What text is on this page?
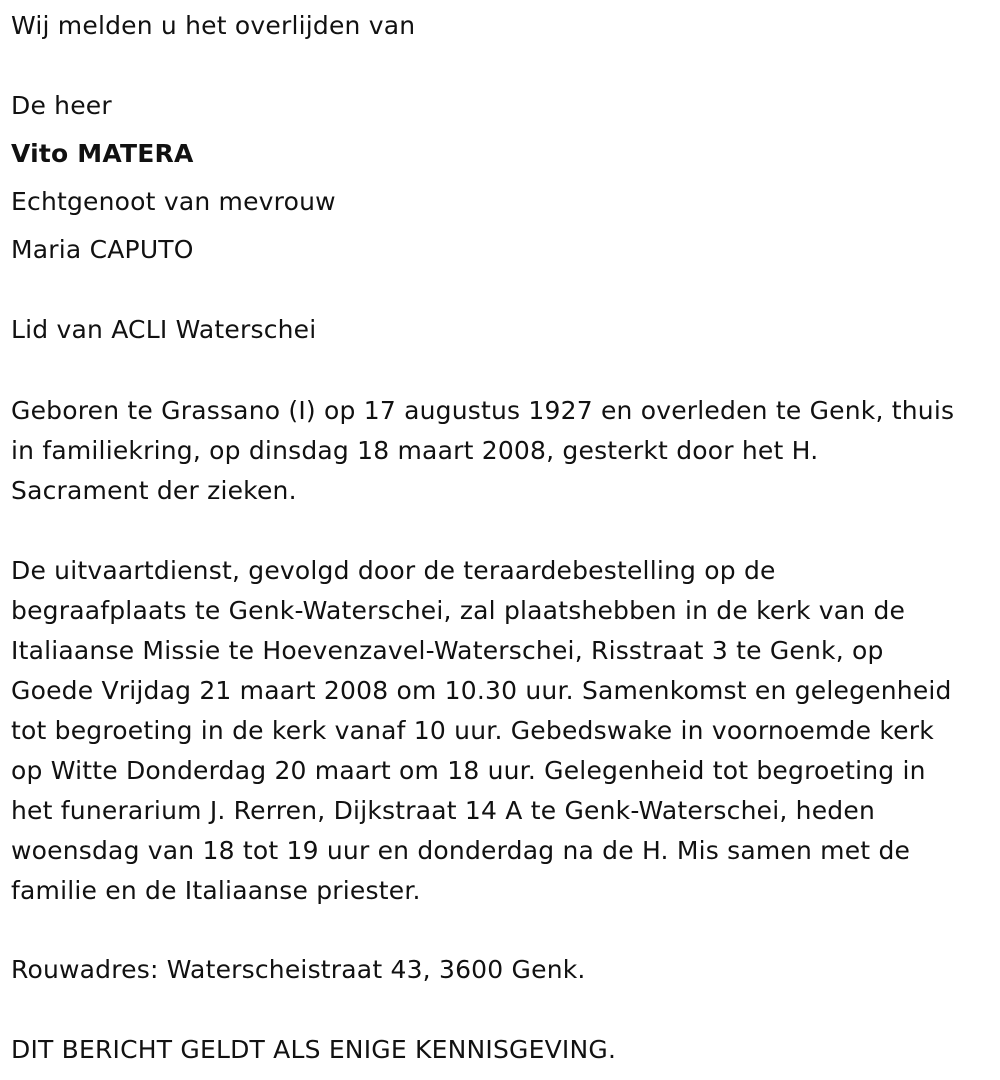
Wij melden u het overlijden van
De heer
Vito MATERA
Echtgenoot van mevrouw
Maria CAPUTO
Lid van ACLI Waterschei
Geboren te Grassano (I) op 17 augustus 1927 en overleden te Genk, thuis
in familiekring, op dinsdag 18 maart 2008, gesterkt door het H.
Sacrament der zieken.
De uitvaartdienst, gevolgd door de teraardebestelling op de
begraafplaats te Genk-Waterschei, zal plaatshebben in de kerk van de
Italiaanse Missie te Hoevenzavel-Waterschei, Risstraat 3 te Genk, op
Goede Vrijdag 21 maart 2008 om 10.30 uur. Samenkomst en gelegenheid
tot begroeting in de kerk vanaf 10 uur. Gebedswake in voornoemde kerk
op Witte Donderdag 20 maart om 18 uur. Gelegenheid tot begroeting in
het funerarium J. Rerren, Dijkstraat 14 A te Genk-Waterschei, heden
woensdag van 18 tot 19 uur en donderdag na de H. Mis samen met de
familie en de Italiaanse priester.
Rouwadres: Waterscheistraat 43, 3600 Genk.
DIT BERICHT GELDT ALS ENIGE KENNISGEVING.
